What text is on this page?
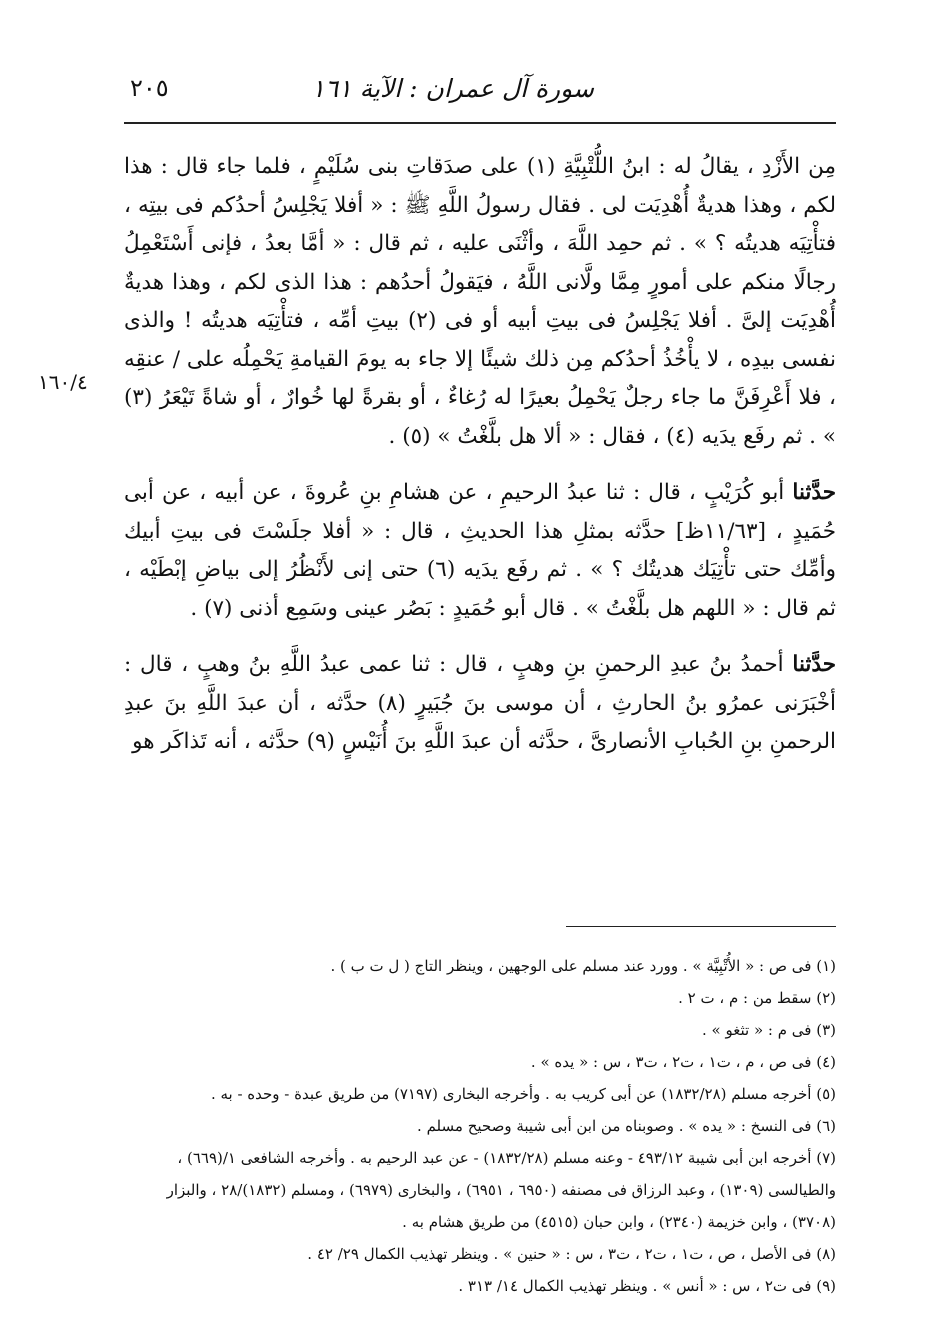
سورة آل عمران : الآية ١٦١
٢٠٥
١٦٠/٤

مِن الأَزْدِ ، يقالُ له : ابنُ اللُّتْبِيَّةِ (١) على صدَقاتِ بنى سُلَيْمٍ ، فلما جاء قال : هذا لكم ، وهذا هديةٌ أُهْدِيَت لى . فقال رسولُ اللَّهِ ﷺ : « أفلا يَجْلِسُ أحدُكم فى بيتِه ، فتأْتِيَه هديتُه ؟ » . ثم حمِد اللَّهَ ، وأثْنَى عليه ، ثم قال : « أمَّا بعدُ ، فإنى أَسْتَعْمِلُ رجالًا منكم على أمورٍ مِمَّا ولَّانى اللَّهُ ، فيَقولُ أحدُهم : هذا الذى لكم ، وهذا هديةٌ أُهْدِيَت إلىَّ . أفلا يَجْلِسُ فى بيتِ أبيه أو فى (٢) بيتِ أمِّه ، فتأْتِيَه هديتُه ! والذى نفسى بيدِه ، لا يأْخُذُ أحدُكم مِن ذلك شيئًا إلا جاء به يومَ القيامةِ يَحْمِلُه على / عنقِه ، فلا أَعْرِفَنَّ ما جاء رجلٌ يَحْمِلُ بعيرًا له رُغاءٌ ، أو بقرةً لها خُوارٌ ، أو شاةً تَيْعَرُ (٣) » . ثم رفَع يدَيه (٤) ، فقال : « ألا هل بلَّغْتُ » (٥) .

حدَّثنا أبو كُرَيْبٍ ، قال : ثنا عبدُ الرحيمِ ، عن هشامِ بنِ عُروةَ ، عن أبيه ، عن أبى حُمَيدٍ ، [١١/٦٣ظ] حدَّثه بمثلِ هذا الحديثِ ، قال : « أفلا جلَسْتَ فى بيتِ أبيك وأمِّك حتى تأْتِيَك هديتُك ؟ » . ثم رفَع يدَيه (٦) حتى إنى لأَنْظُرُ إلى بياضِ إبْطَيْه ، ثم قال : « اللهم هل بلَّغْتُ » . قال أبو حُمَيدٍ : بَصُر عينى وسَمِع أذنى (٧) .

حدَّثنا أحمدُ بنُ عبدِ الرحمنِ بنِ وهبٍ ، قال : ثنا عمى عبدُ اللَّهِ بنُ وهبٍ ، قال : أخْبَرَنى عمرُو بنُ الحارثِ ، أن موسى بنَ جُبَيرٍ (٨) حدَّثه ، أن عبدَ اللَّهِ بنَ عبدِ الرحمنِ بنِ الحُبابِ الأنصارىَّ ، حدَّثه أن عبدَ اللَّهِ بنَ أُنَيْسٍ (٩) حدَّثه ، أنه تَذاكَر هو

(١) فى ص : « الأُتْبِيَّة » . وورد عند مسلم على الوجهين ، وينظر التاج ( ل ت ب ) .

(٢) سقط من : م ، ت ٢ .

(٣) فى م : « تثغو » .

(٤) فى ص ، م ، ت١ ، ت٢ ، ت٣ ، س : « يده » .

(٥) أخرجه مسلم (١٨٣٢/٢٨) عن أبى كريب به . وأخرجه البخارى (٧١٩٧) من طريق عبدة - وحده - به .

(٦) فى النسخ : « يده » . وصوبناه من ابن أبى شيبة وصحيح مسلم .

(٧) أخرجه ابن أبى شيبة ٤٩٣/١٢ - وعنه مسلم (١٨٣٢/٢٨) - عن عبد الرحيم به . وأخرجه الشافعى ١/(٦٦٩) ، والطيالسى (١٣٠٩) ، وعبد الرزاق فى مصنفه (٦٩٥٠ ، ٦٩٥١) ، والبخارى (٦٩٧٩) ، ومسلم (١٨٣٢)/٢٨ ، والبزار (٣٧٠٨) ، وابن خزيمة (٢٣٤٠) ، وابن حبان (٤٥١٥) من طريق هشام به .

(٨) فى الأصل ، ص ، ت١ ، ت٢ ، ت٣ ، س : « حنين » . وينظر تهذيب الكمال ٢٩/ ٤٢ .

(٩) فى ت٢ ، س : « أنس » . وينظر تهذيب الكمال ١٤/ ٣١٣ .
